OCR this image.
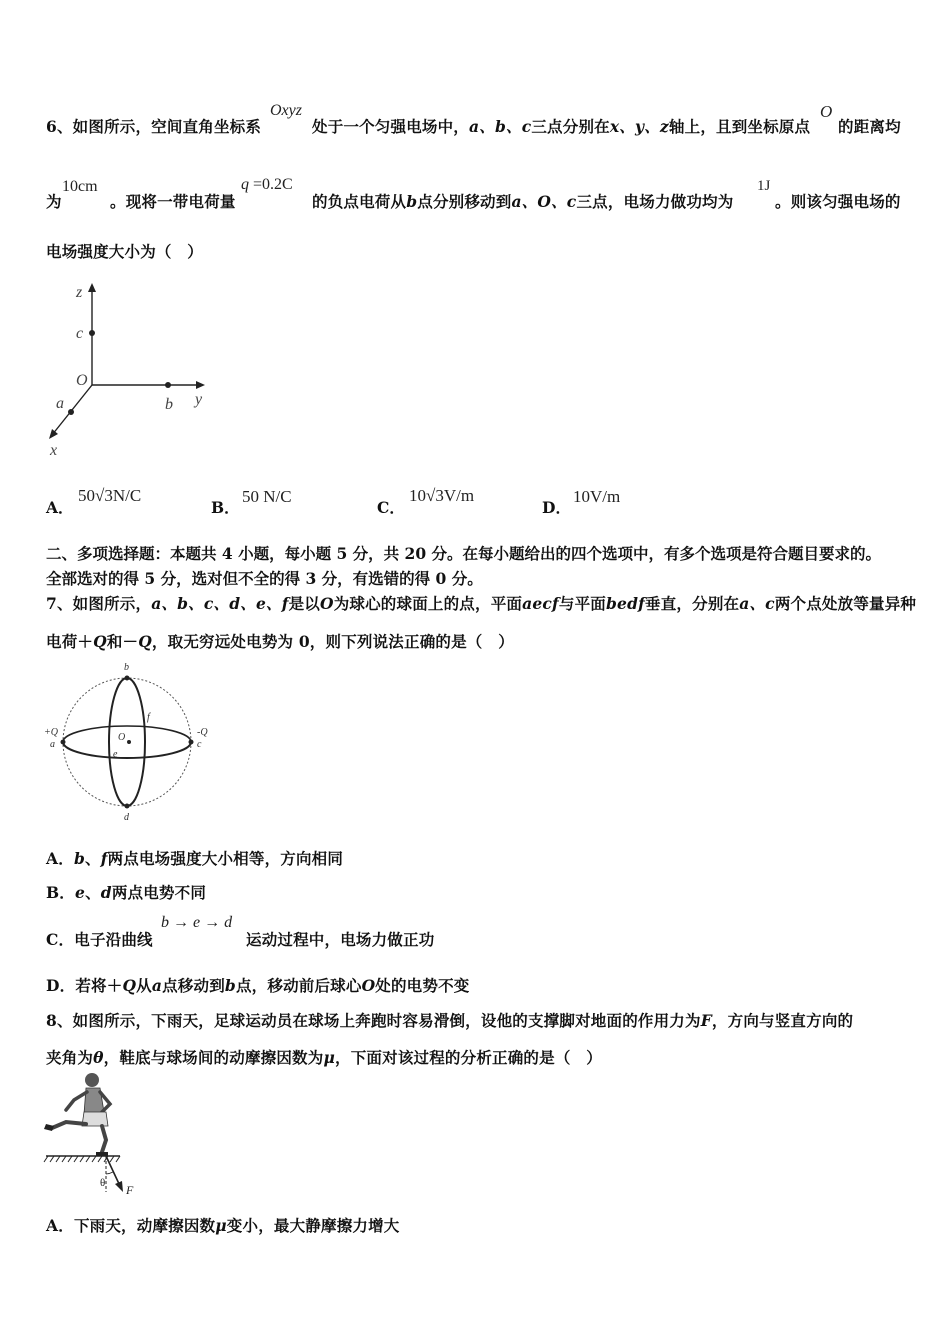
6、如图所示，空间直角坐标系
Oxyz
处于一个匀强电场中，a、b、c三点分别在x、y、z轴上，且到坐标原点
O
的距离均
为
10cm
。现将一带电荷量
q =0.2C
的负点电荷从b点分别移动到a、O、c三点，电场力做功均为
1J
。则该匀强电场的
电场强度大小为（　）
z
c
O
a	b y
x
A．
50√3N/C
B．
50 N/C
C．
10√3V/m
D．
10V/m
二、多项选择题：本题共 4 小题，每小题 5 分，共 20 分。在每小题给出的四个选项中，有多个选项是符合题目要求的。
全部选对的得 5 分，选对但不全的得 3 分，有选错的得 0 分。
7、如图所示，a、b、c、d、e、f是以O为球心的球面上的点，平面aecf与平面bedf垂直，分别在a、c两个点处放等量异种
电荷＋Q和－Q，取无穷远处电势为 0，则下列说法正确的是（　）
b
f
+Q
a
-Q
c
O
e
d
A．b、f两点电场强度大小相等，方向相同
B．e、d两点电势不同
C．电子沿曲线
b → e → d
运动过程中，电场力做正功
D．若将＋Q从a点移动到b点，移动前后球心O处的电势不变
8、如图所示，下雨天，足球运动员在球场上奔跑时容易滑倒，设他的支撑脚对地面的作用力为F，方向与竖直方向的
夹角为θ，鞋底与球场间的动摩擦因数为μ，下面对该过程的分析正确的是（　）
θ F
A．下雨天，动摩擦因数μ变小，最大静摩擦力增大
